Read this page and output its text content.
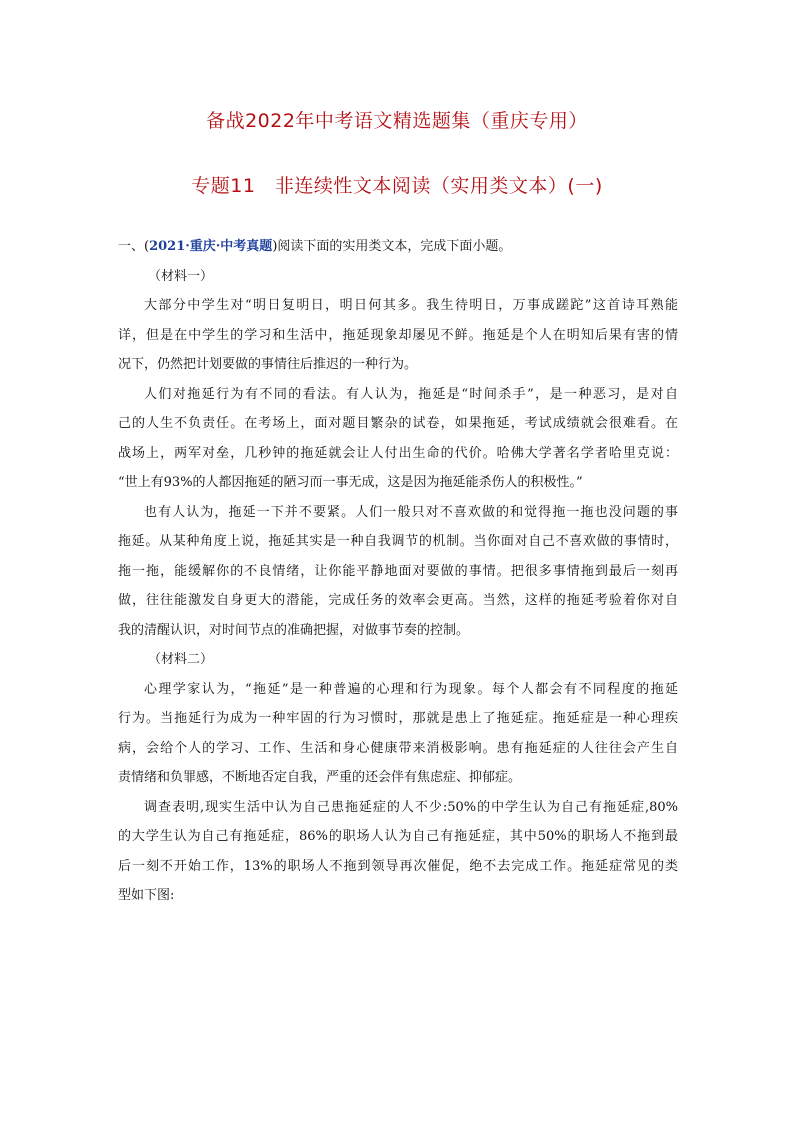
备战2022年中考语文精选题集（重庆专用）
专题11　非连续性文本阅读（实用类文本）(一)
一、(2021·重庆·中考真题)阅读下面的实用类文本，完成下面小题。
（材料一）
大部分中学生对“明日复明日，明日何其多。我生待明日，万事成蹉跎”这首诗耳熟能
详，但是在中学生的学习和生活中，拖延现象却屡见不鲜。拖延是个人在明知后果有害的情
况下，仍然把计划要做的事情往后推迟的一种行为。
人们对拖延行为有不同的看法。有人认为，拖延是“时间杀手”，是一种恶习，是对自
己的人生不负责任。在考场上，面对题目繁杂的试卷，如果拖延，考试成绩就会很难看。在
战场上，两军对垒，几秒钟的拖延就会让人付出生命的代价。哈佛大学著名学者哈里克说：
“世上有93%的人都因拖延的陋习而一事无成，这是因为拖延能杀伤人的积极性。”
也有人认为，拖延一下并不要紧。人们一般只对不喜欢做的和觉得拖一拖也没问题的事
拖延。从某种角度上说，拖延其实是一种自我调节的机制。当你面对自己不喜欢做的事情时，
拖一拖，能缓解你的不良情绪，让你能平静地面对要做的事情。把很多事情拖到最后一刻再
做，往往能激发自身更大的潜能，完成任务的效率会更高。当然，这样的拖延考验着你对自
我的清醒认识，对时间节点的准确把握，对做事节奏的控制。
（材料二）
心理学家认为，“拖延”是一种普遍的心理和行为现象。每个人都会有不同程度的拖延
行为。当拖延行为成为一种牢固的行为习惯时，那就是患上了拖延症。拖延症是一种心理疾
病，会给个人的学习、工作、生活和身心健康带来消极影响。患有拖延症的人往往会产生自
责情绪和负罪感，不断地否定自我，严重的还会伴有焦虑症、抑郁症。
调查表明,现实生活中认为自己患拖延症的人不少:50%的中学生认为自己有拖延症,80%
的大学生认为自己有拖延症，86%的职场人认为自己有拖延症，其中50%的职场人不拖到最
后一刻不开始工作，13%的职场人不拖到领导再次催促，绝不去完成工作。拖延症常见的类
型如下图:
